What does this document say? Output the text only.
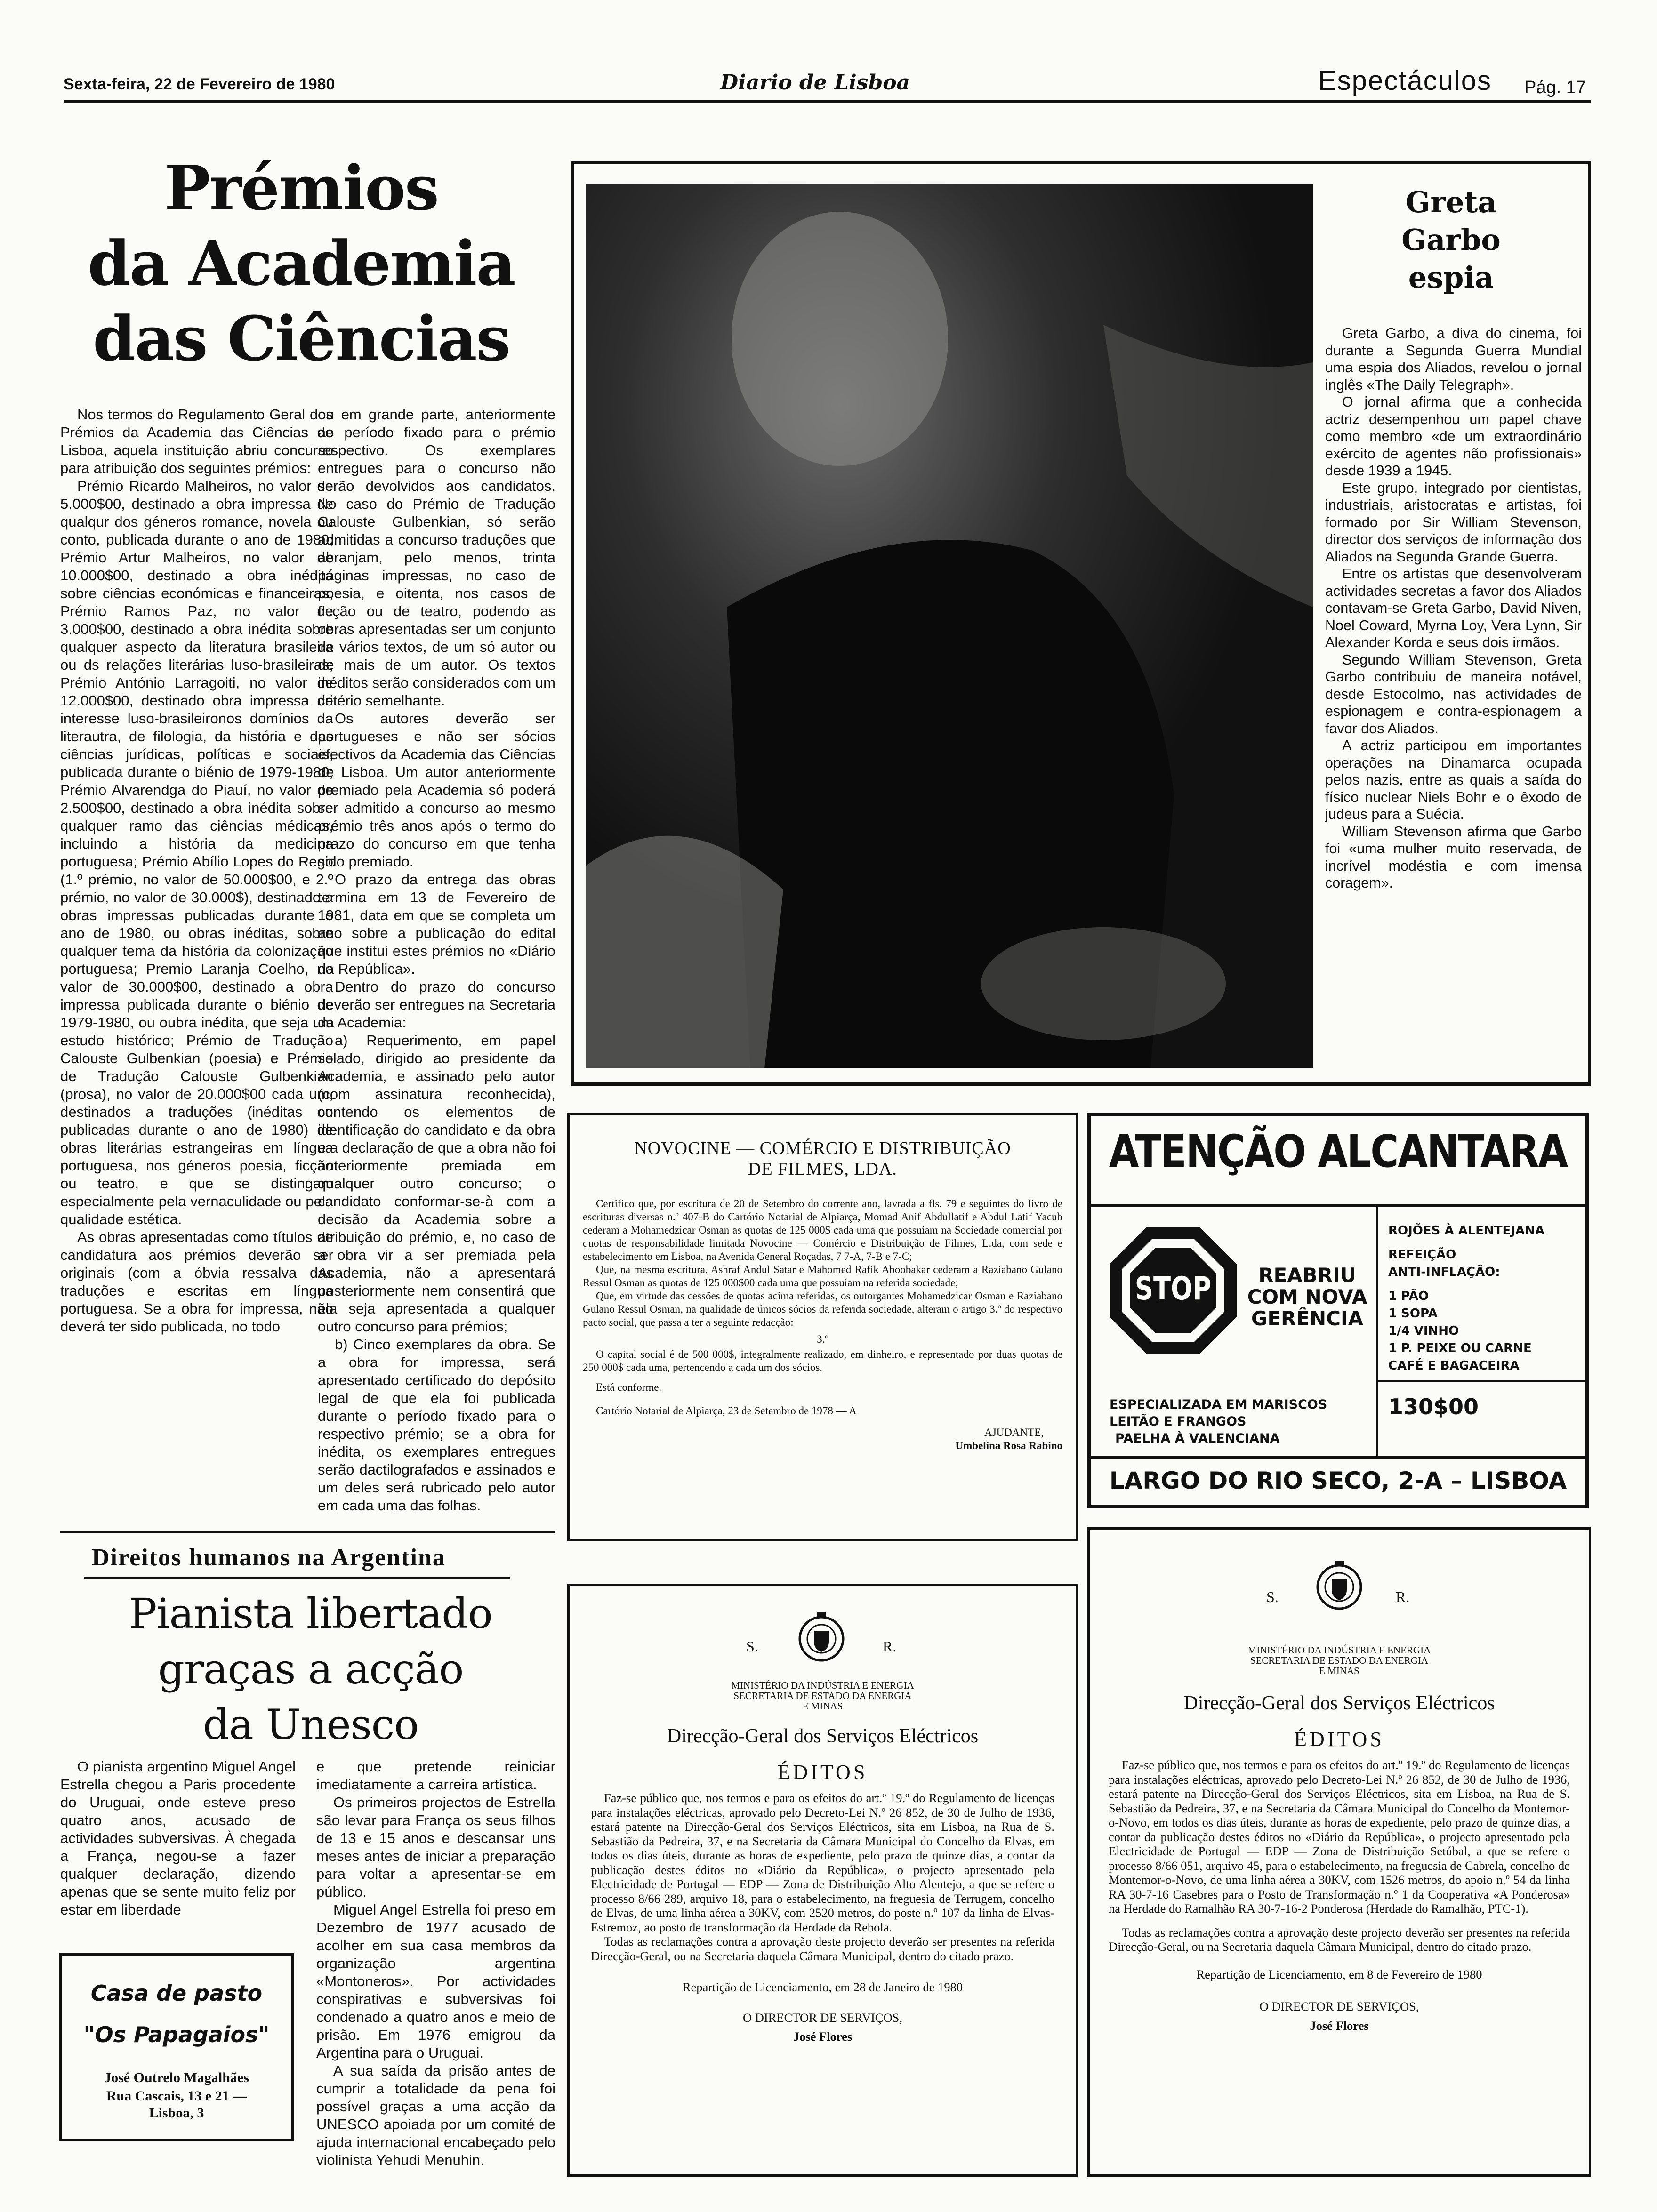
Sexta-feira, 22 de Fevereiro de 1980	Diario de Lisboa	Espectáculos Pág. 17
Prémios
da Academia
das Ciências

Nos termos do Regulamento Geral dos Prémios da Academia das Ciências de Lisboa, aquela instituição abriu concurso para atribuição dos seguintes prémios:

Prémio Ricardo Malheiros, no valor de 5.000$00, destinado a obra impressa de qualqur dos géneros romance, novela ou conto, publicada durante o ano de 1980; Prémio Artur Malheiros, no valor de 10.000$00, destinado a obra inédita sobre ciências económicas e financeiras; Prémio Ramos Paz, no valor de 3.000$00, destinado a obra inédita sobre qualquer aspecto da literatura brasileira ou ds relações literárias luso-brasileiras; Prémio António Larragoiti, no valor de 12.000$00, destinado obra impressa de interesse luso-brasileironos domínios da literautra, de filologia, da história e das ciências jurídicas, políticas e sociais, publicada durante o biénio de 1979-1980; Prémio Alvarendga do Piauí, no valor de 2.500$00, destinado a obra inédita sobre qualquer ramo das ciências médicas, incluindo a história da medicina portuguesa; Prémio Abílio Lopes do Rego (1.º prémio, no valor de 50.000$00, e 2.º prémio, no valor de 30.000$), destinado a obras impressas publicadas durante o ano de 1980, ou obras inéditas, sobre qualquer tema da história da colonização portuguesa; Premio Laranja Coelho, no valor de 30.000$00, destinado a obra impressa publicada durante o biénio de 1979-1980, ou oubra inédita, que seja um estudo histórico; Prémio de Tradução Calouste Gulbenkian (poesia) e Prémio de Tradução Calouste Gulbenkian (prosa), no valor de 20.000$00 cada um, destinados a traduções (inéditas ou publicadas durante o ano de 1980) de obras literárias estrangeiras em língua portuguesa, nos géneros poesia, ficção ou teatro, e que se distingam especialmente pela vernaculidade ou pela qualidade estética.

As obras apresentadas como títulos de candidatura aos prémios deverão ser originais (com a óbvia ressalva das traduções e escritas em língua portuguesa. Se a obra for impressa, não deverá ter sido publicada, no todo

ou em grande parte, anteriormente ao período fixado para o prémio respectivo. Os exemplares entregues para o concurso não serão devolvidos aos candidatos. No caso do Prémio de Tradução Calouste Gulbenkian, só serão admitidas a concurso traduções que abranjam, pelo menos, trinta páginas impressas, no caso de poesia, e oitenta, nos casos de ficção ou de teatro, podendo as obras apresentadas ser um conjunto de vários textos, de um só autor ou de mais de um autor. Os textos inéditos serão considerados com um critério semelhante.

Os autores deverão ser portugueses e não ser sócios efectivos da Academia das Ciências de Lisboa. Um autor anteriormente premiado pela Academia só poderá ser admitido a concurso ao mesmo prémio três anos após o termo do prazo do concurso em que tenha sido premiado.

O prazo da entrega das obras termina em 13 de Fevereiro de 1981, data em que se completa um ano sobre a publicação do edital que institui estes prémios no «Diário da República».

Dentro do prazo do concurso deverão ser entregues na Secretaria da Academia:

a) Requerimento, em papel selado, dirigido ao presidente da Academia, e assinado pelo autor (com assinatura reconhecida), contendo os elementos de identificação do candidato e da obra e a declaração de que a obra não foi anteriormente premiada em qualquer outro concurso; o candidato conformar-se-à com a decisão da Academia sobre a atribuição do prémio, e, no caso de a obra vir a ser premiada pela Academia, não a apresentará posteriormente nem consentirá que ela seja apresentada a qualquer outro concurso para prémios;

b) Cinco exemplares da obra. Se a obra for impressa, será apresentado certificado do depósito legal de que ela foi publicada durante o período fixado para o respectivo prémio; se a obra for inédita, os exemplares entregues serão dactilografados e assinados e um deles será rubricado pelo autor em cada uma das folhas.

Direitos humanos na Argentina
Pianista libertado
graças a acção
da Unesco

O pianista argentino Miguel Angel Estrella chegou a Paris procedente do Uruguai, onde esteve preso quatro anos, acusado de actividades subversivas. À chegada a França, negou-se a fazer qualquer declaração, dizendo apenas que se sente muito feliz por estar em liberdade

e que pretende reiniciar imediatamente a carreira artística.

Os primeiros projectos de Estrella são levar para França os seus filhos de 13 e 15 anos e descansar uns meses antes de iniciar a preparação para voltar a apresentar-se em público.

Miguel Angel Estrella foi preso em Dezembro de 1977 acusado de acolher em sua casa membros da organização argentina «Montoneros». Por actividades conspirativas e subversivas foi condenado a quatro anos e meio de prisão. Em 1976 emigrou da Argentina para o Uruguai.

A sua saída da prisão antes de cumprir a totalidade da pena foi possível graças a uma acção da UNESCO apoiada por um comité de ajuda internacional encabeçado pelo violinista Yehudi Menuhin.

Casa de pasto
"Os Papagaios"
José Outrelo Magalhães
Rua Cascais, 13 e 21 — Lisboa, 3
Greta
Garbo
espia

Greta Garbo, a diva do cinema, foi durante a Segunda Guerra Mundial uma espia dos Aliados, revelou o jornal inglês «The Daily Telegraph».

O jornal afirma que a conhecida actriz desempenhou um papel chave como membro «de um extraordinário exército de agentes não profissionais» desde 1939 a 1945.

Este grupo, integrado por cientistas, industriais, aristocratas e artistas, foi formado por Sir William Stevenson, director dos serviços de informação dos Aliados na Segunda Grande Guerra.

Entre os artistas que desenvolveram actividades secretas a favor dos Aliados contavam-se Greta Garbo, David Niven, Noel Coward, Myrna Loy, Vera Lynn, Sir Alexander Korda e seus dois irmãos.

Segundo William Stevenson, Greta Garbo contribuiu de maneira notável, desde Estocolmo, nas actividades de espionagem e contra-espionagem a favor dos Aliados.

A actriz participou em importantes operações na Dinamarca ocupada pelos nazis, entre as quais a saída do físico nuclear Niels Bohr e o êxodo de judeus para a Suécia.

William Stevenson afirma que Garbo foi «uma mulher muito reservada, de incrível modéstia e com imensa coragem».

NOVOCINE — COMÉRCIO E DISTRIBUIÇÃO
DE FILMES, LDA.

Certifico que, por escritura de 20 de Setembro do corrente ano, lavrada a fls. 79 e seguintes do livro de escrituras diversas n.º 407-B do Cartório Notarial de Alpiarça, Momad Anif Abdullatif e Abdul Latif Yacub cederam a Mohamedzicar Osman as quotas de 125 000$ cada uma que possuíam na Sociedade comercial por quotas de responsabilidade limitada Novocine — Comércio e Distribuição de Filmes, L.da, com sede e estabelecimento em Lisboa, na Avenida General Roçadas, 7 7-A, 7-B e 7-C;

Que, na mesma escritura, Ashraf Andul Satar e Mahomed Rafik Aboobakar cederam a Raziabano Gulano Ressul Osman as quotas de 125 000$00 cada uma que possuíam na referida sociedade;

Que, em virtude das cessões de quotas acima referidas, os outorgantes Mohamedzicar Osman e Raziabano Gulano Ressul Osman, na qualidade de únicos sócios da referida sociedade, alteram o artigo 3.º do respectivo pacto social, que passa a ter a seguinte redacção:

3.º

O capital social é de 500 000$, integralmente realizado, em dinheiro, e representado por duas quotas de 250 000$ cada uma, pertencendo a cada um dos sócios.

Está conforme.

Cartório Notarial de Alpiarça, 23 de Setembro de 1978 — A

AJUDANTE,
Umbelina Rosa Rabino
ATENÇÃO ALCANTARA
STOP	REABRIU
COM NOVA
GERÊNCIA
ESPECIALIZADA EM MARISCOS
LEITÃO E FRANGOS
PAELHA À VALENCIANA
ROJÕES À ALENTEJANA
REFEIÇÃO
ANTI-INFLAÇÃO:
1 PÃO
1 SOPA
1/4 VINHO
1 P. PEIXE OU CARNE
CAFÉ E BAGACEIRA
130$00
LARGO DO RIO SECO, 2-A – LISBOA
S.	R.
MINISTÉRIO DA INDÚSTRIA E ENERGIA
SECRETARIA DE ESTADO DA ENERGIA
E MINAS
Direcção-Geral dos Serviços Eléctricos
ÉDITOS

Faz-se público que, nos termos e para os efeitos do art.º 19.º do Regulamento de licenças para instalações eléctricas, aprovado pelo Decreto-Lei N.º 26 852, de 30 de Julho de 1936, estará patente na Direcção-Geral dos Serviços Eléctricos, sita em Lisboa, na Rua de S. Sebastião da Pedreira, 37, e na Secretaria da Câmara Municipal do Concelho da Elvas, em todos os dias úteis, durante as horas de expediente, pelo prazo de quinze dias, a contar da publicação destes éditos no «Diário da República», o projecto apresentado pela Electricidade de Portugal — EDP — Zona de Distribuição Alto Alentejo, a que se refere o processo 8/66 289, arquivo 18, para o estabelecimento, na freguesia de Terrugem, concelho de Elvas, de uma linha aérea a 30KV, com 2520 metros, do poste n.º 107 da linha de Elvas-Estremoz, ao posto de transformação da Herdade da Rebola.

Todas as reclamações contra a aprovação deste projecto deverão ser presentes na referida Direcção-Geral, ou na Secretaria daquela Câmara Municipal, dentro do citado prazo.

Repartição de Licenciamento, em 28 de Janeiro de 1980
O DIRECTOR DE SERVIÇOS,
José Flores
S.	R.
MINISTÉRIO DA INDÚSTRIA E ENERGIA
SECRETARIA DE ESTADO DA ENERGIA
E MINAS
Direcção-Geral dos Serviços Eléctricos
ÉDITOS

Faz-se público que, nos termos e para os efeitos do art.º 19.º do Regulamento de licenças para instalações eléctricas, aprovado pelo Decreto-Lei N.º 26 852, de 30 de Julho de 1936, estará patente na Direcção-Geral dos Serviços Eléctricos, sita em Lisboa, na Rua de S. Sebastião da Pedreira, 37, e na Secretaria da Câmara Municipal do Concelho da Montemor-o-Novo, em todos os dias úteis, durante as horas de expediente, pelo prazo de quinze dias, a contar da publicação destes éditos no «Diário da República», o projecto apresentado pela Electricidade de Portugal — EDP — Zona de Distribuição Setúbal, a que se refere o processo 8/66 051, arquivo 45, para o estabelecimento, na freguesia de Cabrela, concelho de Montemor-o-Novo, de uma linha aérea a 30KV, com 1526 metros, do apoio n.º 54 da linha RA 30-7-16 Casebres para o Posto de Transformação n.º 1 da Cooperativa «A Ponderosa» na Herdade do Ramalhão RA 30-7-16-2 Ponderosa (Herdade do Ramalhão, PTC-1).

Todas as reclamações contra a aprovação deste projecto deverão ser presentes na referida Direcção-Geral, ou na Secretaria daquela Câmara Municipal, dentro do citado prazo.

Repartição de Licenciamento, em 8 de Fevereiro de 1980
O DIRECTOR DE SERVIÇOS,
José Flores
